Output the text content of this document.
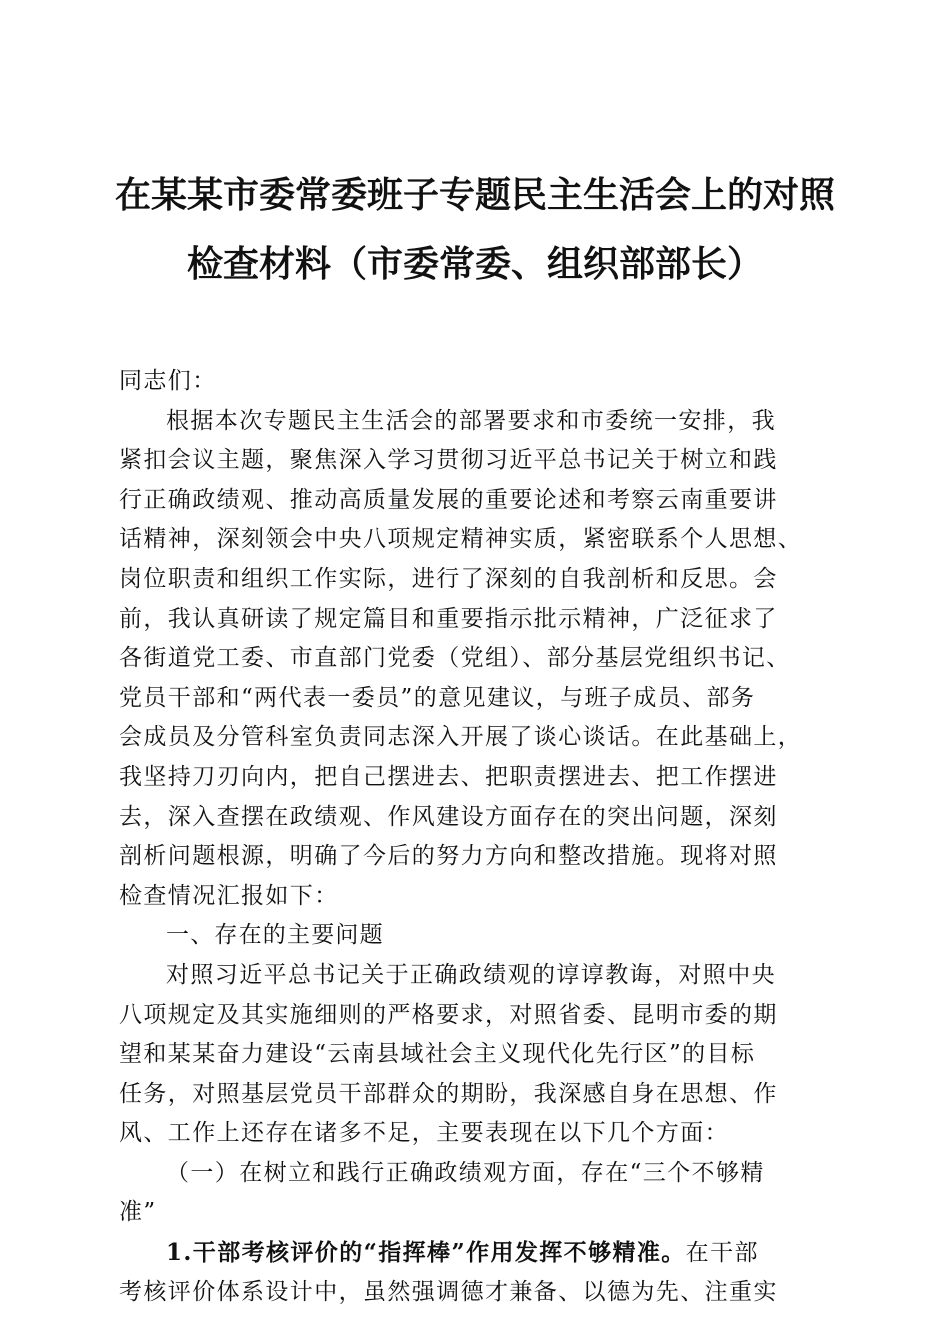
在某某市委常委班子专题民主生活会上的对照
检查材料（市委常委、组织部部长）
同志们：
根据本次专题民主生活会的部署要求和市委统一安排，我
紧扣会议主题，聚焦深入学习贯彻习近平总书记关于树立和践
行正确政绩观、推动高质量发展的重要论述和考察云南重要讲
话精神，深刻领会中央八项规定精神实质，紧密联系个人思想、
岗位职责和组织工作实际，进行了深刻的自我剖析和反思。会
前，我认真研读了规定篇目和重要指示批示精神，广泛征求了
各街道党工委、市直部门党委（党组）、部分基层党组织书记、
党员干部和“两代表一委员”的意见建议，与班子成员、部务
会成员及分管科室负责同志深入开展了谈心谈话。在此基础上，
我坚持刀刃向内，把自己摆进去、把职责摆进去、把工作摆进
去，深入查摆在政绩观、作风建设方面存在的突出问题，深刻
剖析问题根源，明确了今后的努力方向和整改措施。现将对照
检查情况汇报如下：
一、存在的主要问题
对照习近平总书记关于正确政绩观的谆谆教诲，对照中央
八项规定及其实施细则的严格要求，对照省委、昆明市委的期
望和某某奋力建设“云南县域社会主义现代化先行区”的目标
任务，对照基层党员干部群众的期盼，我深感自身在思想、作
风、工作上还存在诸多不足，主要表现在以下几个方面：
（一）在树立和践行正确政绩观方面，存在“三个不够精
准”
1.干部考核评价的“指挥棒”作用发挥不够精准。在干部
考核评价体系设计中，虽然强调德才兼备、以德为先、注重实
